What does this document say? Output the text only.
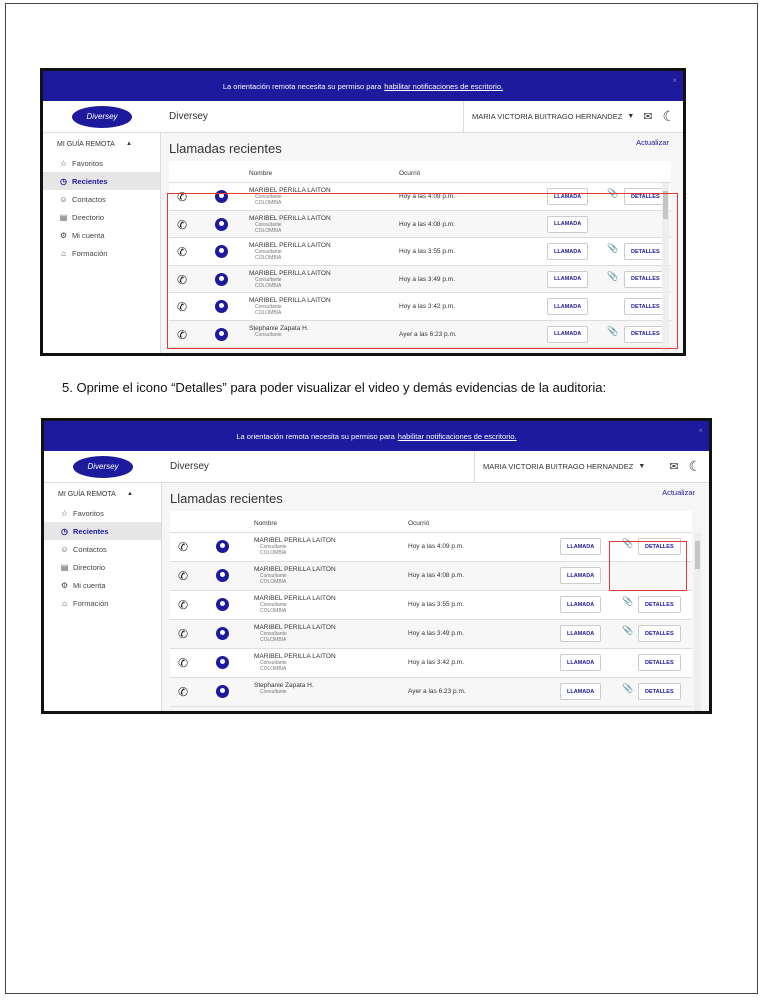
La orientación remota necesita su permiso para habilitar notificaciones de escritorio.
×
Diversey	Diversey	MARIA VICTORIA BUITRAGO HERNANDEZ ▼ ✉ ☾
MI GUÍA REMOTA ▲
☆ Favoritos
◷ Recientes
☺ Contactos
▤ Directorio
⚙ Mi cuenta
⌂ Formación
Llamadas recientes	Actualizar
Nombre	Ocurrió
✆	MARIBEL PERILLA LAITON
Consultante
COLOMBIA
Hoy a las 4:09 p.m.	LLAMADA	📎	DETALLES
✆	MARIBEL PERILLA LAITON
Consultante
COLOMBIA
Hoy a las 4:08 p.m.	LLAMADA
✆	MARIBEL PERILLA LAITON
Consultante
COLOMBIA
Hoy a las 3:55 p.m.	LLAMADA	📎	DETALLES
✆	MARIBEL PERILLA LAITON
Consultante
COLOMBIA
Hoy a las 3:49 p.m.	LLAMADA	📎	DETALLES
✆	MARIBEL PERILLA LAITON
Consultante
COLOMBIA
Hoy a las 3:42 p.m.	LLAMADA	DETALLES
✆	Stephanie Zapata H.
Consultante	Ayer a las 6:23 p.m.	LLAMADA	📎	DETALLES
5. Oprime el icono “Detalles” para poder visualizar el video y demás evidencias de la auditoria:
La orientación remota necesita su permiso para habilitar notificaciones de escritorio.
×
Diversey	Diversey	MARIA VICTORIA BUITRAGO HERNANDEZ ▼ ✉ ☾
MI GUÍA REMOTA ▲
☆ Favoritos
◷ Recientes
☺ Contactos
▤ Directorio
⚙ Mi cuenta
⌂ Formación
Llamadas recientes	Actualizar
Nombre	Ocurrió
✆	MARIBEL PERILLA LAITON
Consultante
COLOMBIA
Hoy a las 4:09 p.m.	LLAMADA	📎	DETALLES
✆	MARIBEL PERILLA LAITON
Consultante
COLOMBIA
Hoy a las 4:08 p.m.	LLAMADA
✆	MARIBEL PERILLA LAITON
Consultante
COLOMBIA
Hoy a las 3:55 p.m.	LLAMADA	📎	DETALLES
✆	MARIBEL PERILLA LAITON
Consultante
COLOMBIA
Hoy a las 3:49 p.m.	LLAMADA	📎	DETALLES
✆	MARIBEL PERILLA LAITON
Consultante
COLOMBIA
Hoy a las 3:42 p.m.	LLAMADA	DETALLES
✆	Stephanie Zapata H.
Consultante	Ayer a las 6:23 p.m.	LLAMADA	📎	DETALLES
